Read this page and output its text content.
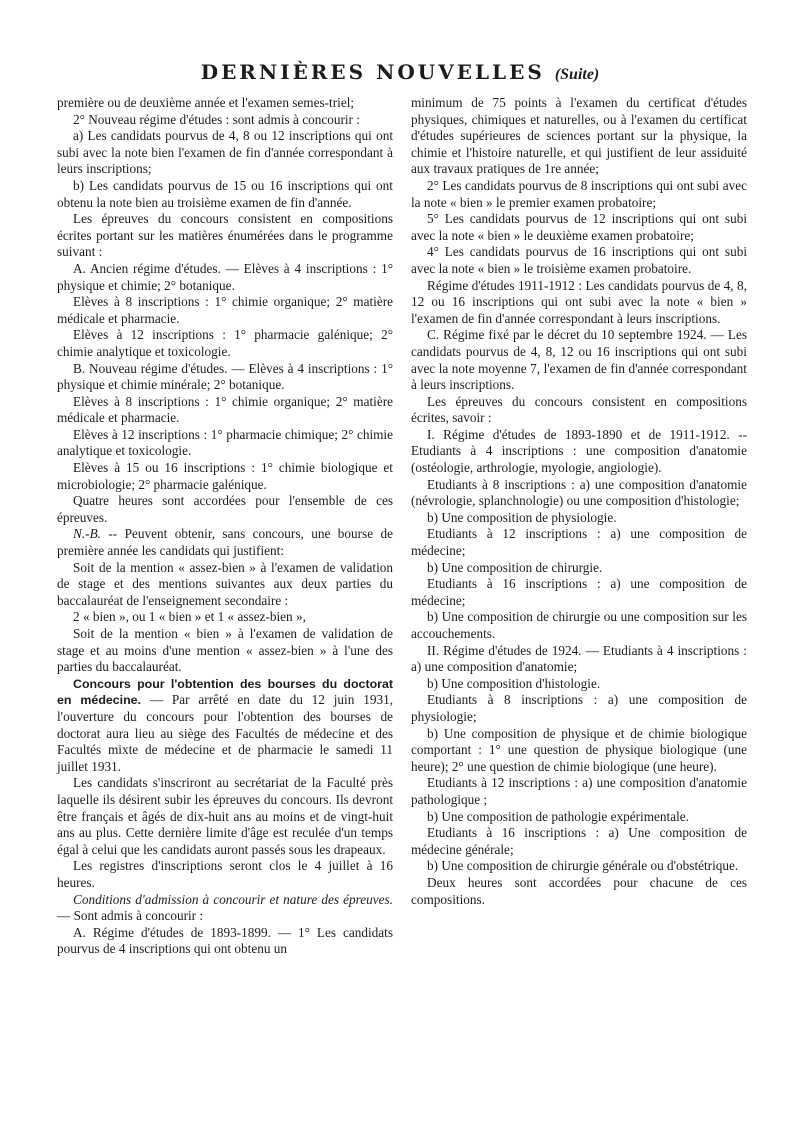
DERNIÈRES NOUVELLES (Suite)

première ou de deuxième année et l'examen semes-triel;

2° Nouveau régime d'études : sont admis à concourir :

a) Les candidats pourvus de 4, 8 ou 12 inscriptions qui ont subi avec la note bien l'examen de fin d'année correspondant à leurs inscriptions;

b) Les candidats pourvus de 15 ou 16 inscriptions qui ont obtenu la note bien au troisième examen de fin d'année.

Les épreuves du concours consistent en compositions écrites portant sur les matières énumérées dans le programme suivant :

A. Ancien régime d'études. — Elèves à 4 inscriptions : 1° physique et chimie; 2° botanique.

Elèves à 8 inscriptions : 1° chimie organique; 2° matière médicale et pharmacie.

Elèves à 12 inscriptions : 1° pharmacie galénique; 2° chimie analytique et toxicologie.

B. Nouveau régime d'études. — Elèves à 4 inscriptions : 1° physique et chimie minérale; 2° botanique.

Elèves à 8 inscriptions : 1° chimie organique; 2° matière médicale et pharmacie.

Elèves à 12 inscriptions : 1° pharmacie chimique; 2° chimie analytique et toxicologie.

Elèves à 15 ou 16 inscriptions : 1° chimie biologique et microbiologie; 2° pharmacie galénique.

Quatre heures sont accordées pour l'ensemble de ces épreuves.

N.-B. -- Peuvent obtenir, sans concours, une bourse de première année les candidats qui justifient:

Soit de la mention « assez-bien » à l'examen de validation de stage et des mentions suivantes aux deux parties du baccalauréat de l'enseignement secondaire :

2 « bien », ou 1 « bien » et 1 « assez-bien »,

Soit de la mention « bien » à l'examen de validation de stage et au moins d'une mention « assez-bien » à l'une des parties du baccalauréat.

Concours pour l'obtention des bourses du doctorat en médecine. — Par arrêté en date du 12 juin 1931, l'ouverture du concours pour l'obtention des bourses de doctorat aura lieu au siège des Facultés de médecine et des Facultés mixte de médecine et de pharmacie le samedi 11 juillet 1931.

Les candidats s'inscriront au secrétariat de la Faculté près laquelle ils désirent subir les épreuves du concours. Ils devront être français et âgés de dix-huit ans au moins et de vingt-huit ans au plus. Cette dernière limite d'âge est reculée d'un temps égal à celui que les candidats auront passés sous les drapeaux.

Les registres d'inscriptions seront clos le 4 juillet à 16 heures.

Conditions d'admission à concourir et nature des épreuves. — Sont admis à concourir :

A. Régime d'études de 1893-1899. — 1° Les candidats pourvus de 4 inscriptions qui ont obtenu un

minimum de 75 points à l'examen du certificat d'études physiques, chimiques et naturelles, ou à l'examen du certificat d'études supérieures de sciences portant sur la physique, la chimie et l'histoire naturelle, et qui justifient de leur assiduité aux travaux pratiques de 1re année;

2° Les candidats pourvus de 8 inscriptions qui ont subi avec la note « bien » le premier examen probatoire;

5° Les candidats pourvus de 12 inscriptions qui ont subi avec la note « bien » le deuxième examen probatoire;

4° Les candidats pourvus de 16 inscriptions qui ont subi avec la note « bien » le troisième examen probatoire.

Régime d'études 1911-1912 : Les candidats pourvus de 4, 8, 12 ou 16 inscriptions qui ont subi avec la note « bien » l'examen de fin d'année correspondant à leurs inscriptions.

C. Régime fixé par le décret du 10 septembre 1924. — Les candidats pourvus de 4, 8, 12 ou 16 inscriptions qui ont subi avec la note moyenne 7, l'examen de fin d'année correspondant à leurs inscriptions.

Les épreuves du concours consistent en compositions écrites, savoir :

I. Régime d'études de 1893-1890 et de 1911-1912. -- Etudiants à 4 inscriptions : une composition d'anatomie (ostéologie, arthrologie, myologie, angiologie).

Etudiants à 8 inscriptions : a) une composition d'anatomie (névrologie, splanchnologie) ou une composition d'histologie;

b) Une composition de physiologie.

Etudiants à 12 inscriptions : a) une composition de médecine;

b) Une composition de chirurgie.

Etudiants à 16 inscriptions : a) une composition de médecine;

b) Une composition de chirurgie ou une composition sur les accouchements.

II. Régime d'études de 1924. — Etudiants à 4 inscriptions : a) une composition d'anatomie;

b) Une composition d'histologie.

Etudiants à 8 inscriptions : a) une composition de physiologie;

b) Une composition de physique et de chimie biologique comportant : 1° une question de physique biologique (une heure); 2° une question de chimie biologique (une heure).

Etudiants à 12 inscriptions : a) une composition d'anatomie pathologique ;

b) Une composition de pathologie expérimentale.

Etudiants à 16 inscriptions : a) Une composition de médecine générale;

b) Une composition de chirurgie générale ou d'obstétrique.

Deux heures sont accordées pour chacune de ces compositions.
